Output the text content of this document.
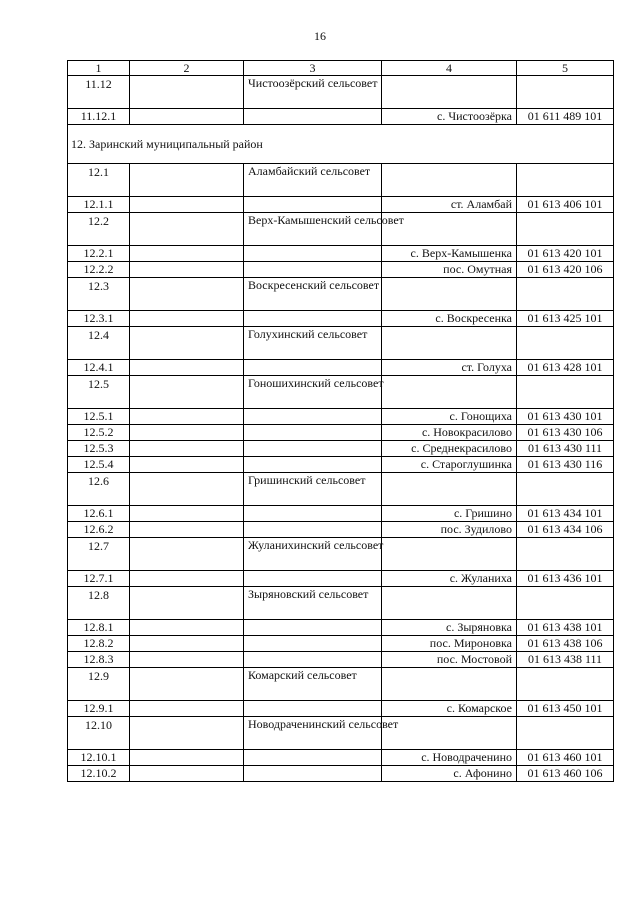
16
1	2	3	4	5
11.12		Чистоозёрский сельсовет		
11.12.1			с. Чистоозёрка	01 611 489 101
12. Заринский муниципальный район				
12.1		Аламбайский сельсовет		
12.1.1			ст. Аламбай	01 613 406 101
12.2		Верх-Камышенский сельсовет		
12.2.1			с. Верх-Камышенка	01 613 420 101
12.2.2			пос. Омутная	01 613 420 106
12.3		Воскресенский сельсовет		
12.3.1			с. Воскресенка	01 613 425 101
12.4		Голухинский сельсовет		
12.4.1			ст. Голуха	01 613 428 101
12.5		Гоношихинский сельсовет		
12.5.1			с. Гонощиха	01 613 430 101
12.5.2			с. Новокрасилово	01 613 430 106
12.5.3			с. Среднекрасилово	01 613 430 111
12.5.4			с. Староглушинка	01 613 430 116
12.6		Гришинский сельсовет		
12.6.1			с. Гришино	01 613 434 101
12.6.2			пос. Зудилово	01 613 434 106
12.7		Жуланихинский сельсовет		
12.7.1			с. Жуланиха	01 613 436 101
12.8		Зыряновский сельсовет		
12.8.1			с. Зыряновка	01 613 438 101
12.8.2			пос. Мироновка	01 613 438 106
12.8.3			пос. Мостовой	01 613 438 111
12.9		Комарский сельсовет		
12.9.1			с. Комарское	01 613 450 101
12.10		Новодраченинский сельсовет		
12.10.1			с. Новодраченино	01 613 460 101
12.10.2			с. Афонино	01 613 460 106
